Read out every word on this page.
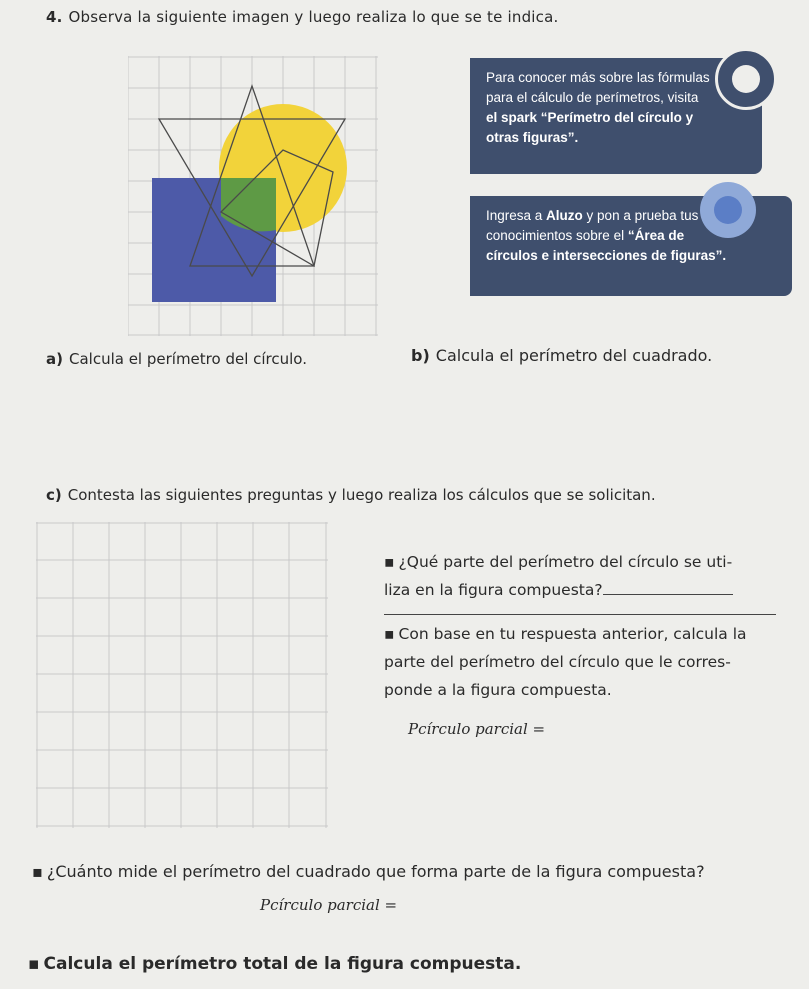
4. Observa la siguiente imagen y luego realiza lo que se te indica.
Para conocer más sobre las fórmulas
para el cálculo de perímetros, visita
el spark “Perímetro del círculo y
otras figuras”.
Ingresa a Aluzo y pon a prueba tus
conocimientos sobre el “Área de
círculos e intersecciones de figuras”.
a) Calcula el perímetro del círculo.	b) Calcula el perímetro del cuadrado.
c) Contesta las siguientes preguntas y luego realiza los cálculos que se solicitan.
▪ ¿Qué parte del perímetro del círculo se uti-
liza en la figura compuesta?
▪ Con base en tu respuesta anterior, calcula la
parte del perímetro del círculo que le corres-
ponde a la figura compuesta.
Pcírculo parcial =
▪ ¿Cuánto mide el perímetro del cuadrado que forma parte de la figura compuesta?
Pcírculo parcial =
▪ Calcula el perímetro total de la figura compuesta.
